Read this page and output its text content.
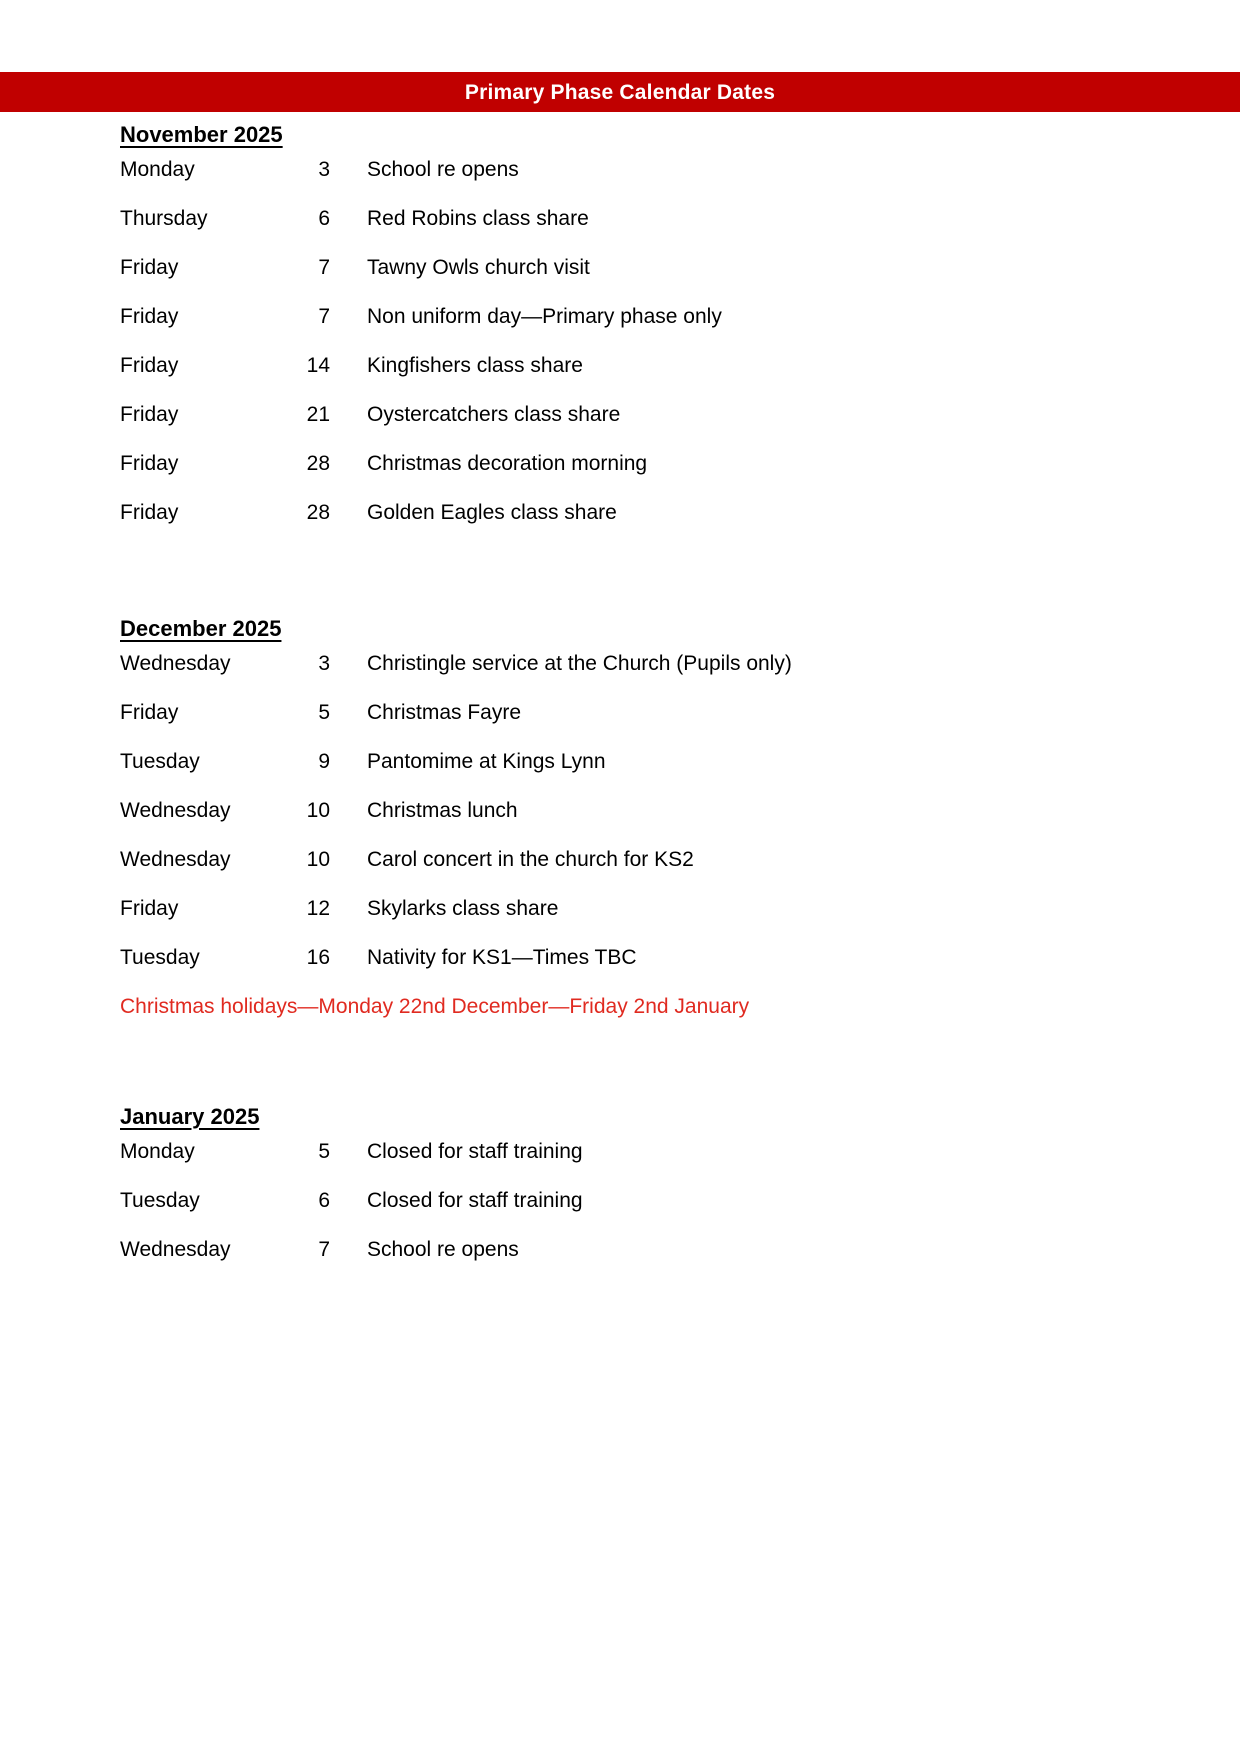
Primary Phase Calendar Dates
November 2025
Monday	3	School re opens
Thursday	6	Red Robins class share
Friday	7	Tawny Owls church visit
Friday	7	Non uniform day—Primary phase only
Friday	14	Kingfishers class share
Friday	21	Oystercatchers class share
Friday	28	Christmas decoration morning
Friday	28	Golden Eagles class share
December 2025
Wednesday	3	Christingle service at the Church (Pupils only)
Friday	5	Christmas Fayre
Tuesday	9	Pantomime at Kings Lynn
Wednesday	10	Christmas lunch
Wednesday	10	Carol concert in the church for KS2
Friday	12	Skylarks class share
Tuesday	16	Nativity for KS1—Times TBC
Christmas holidays—Monday 22nd December—Friday 2nd January
January 2025
Monday	5	Closed for staff training
Tuesday	6	Closed for staff training
Wednesday	7	School re opens
